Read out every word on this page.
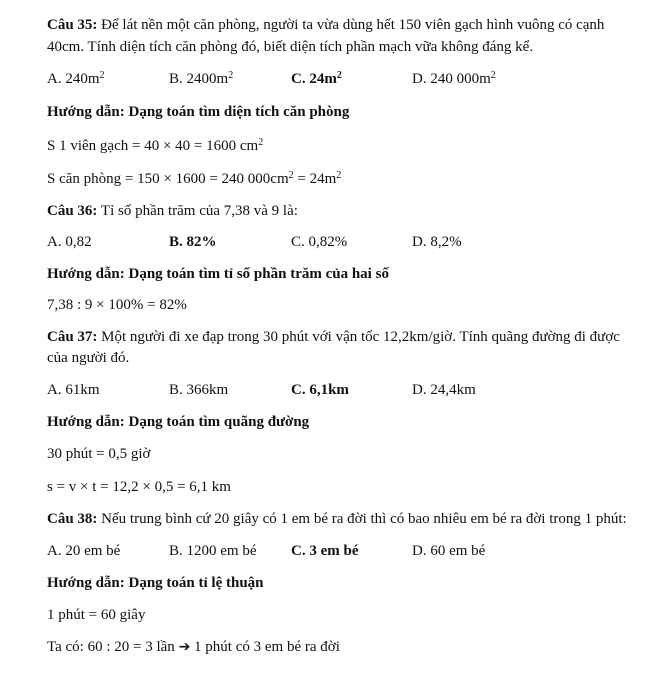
Câu 35: Để lát nền một căn phòng, người ta vừa dùng hết 150 viên gạch hình vuông có cạnh
40cm. Tính diện tích căn phòng đó, biết diện tích phần mạch vữa không đáng kể.
A. $240m^2$	B. $2400m^2$	C. $24m^2$	D. 240 $000m^2$
Hướng dẫn: Dạng toán tìm diện tích căn phòng
S 1 viên gạch = 40 × 40 = 1600 $cm^2$
S căn phòng = 150 × 1600 = 240 $000cm^2 = 24m^2$
Câu 36: Tỉ số phần trăm của 7,38 và 9 là:
A. 0,82	B. 82%	C. 0,82%	D. 8,2%
Hướng dẫn: Dạng toán tìm tỉ số phần trăm của hai số
7,38 : 9 × 100% = 82%
Câu 37: Một người đi xe đạp trong 30 phút với vận tốc 12,2km/giờ. Tính quãng đường đi được
của người đó.
A. 61km	B. 366km	C. 6,1km	D. 24,4km
Hướng dẫn: Dạng toán tìm quãng đường
30 phút = 0,5 giờ
s = v × t = 12,2 × 0,5 = 6,1 km
Câu 38: Nếu trung bình cứ 20 giây có 1 em bé ra đời thì có bao nhiêu em bé ra đời trong 1 phút:
A. 20 em bé	B. 1200 em bé C. 3 em bé	D. 60 em bé
Hướng dẫn: Dạng toán tỉ lệ thuận
1 phút = 60 giây
Ta có: 60 : 20 = 3 lần ➔ 1 phút có 3 em bé ra đời
